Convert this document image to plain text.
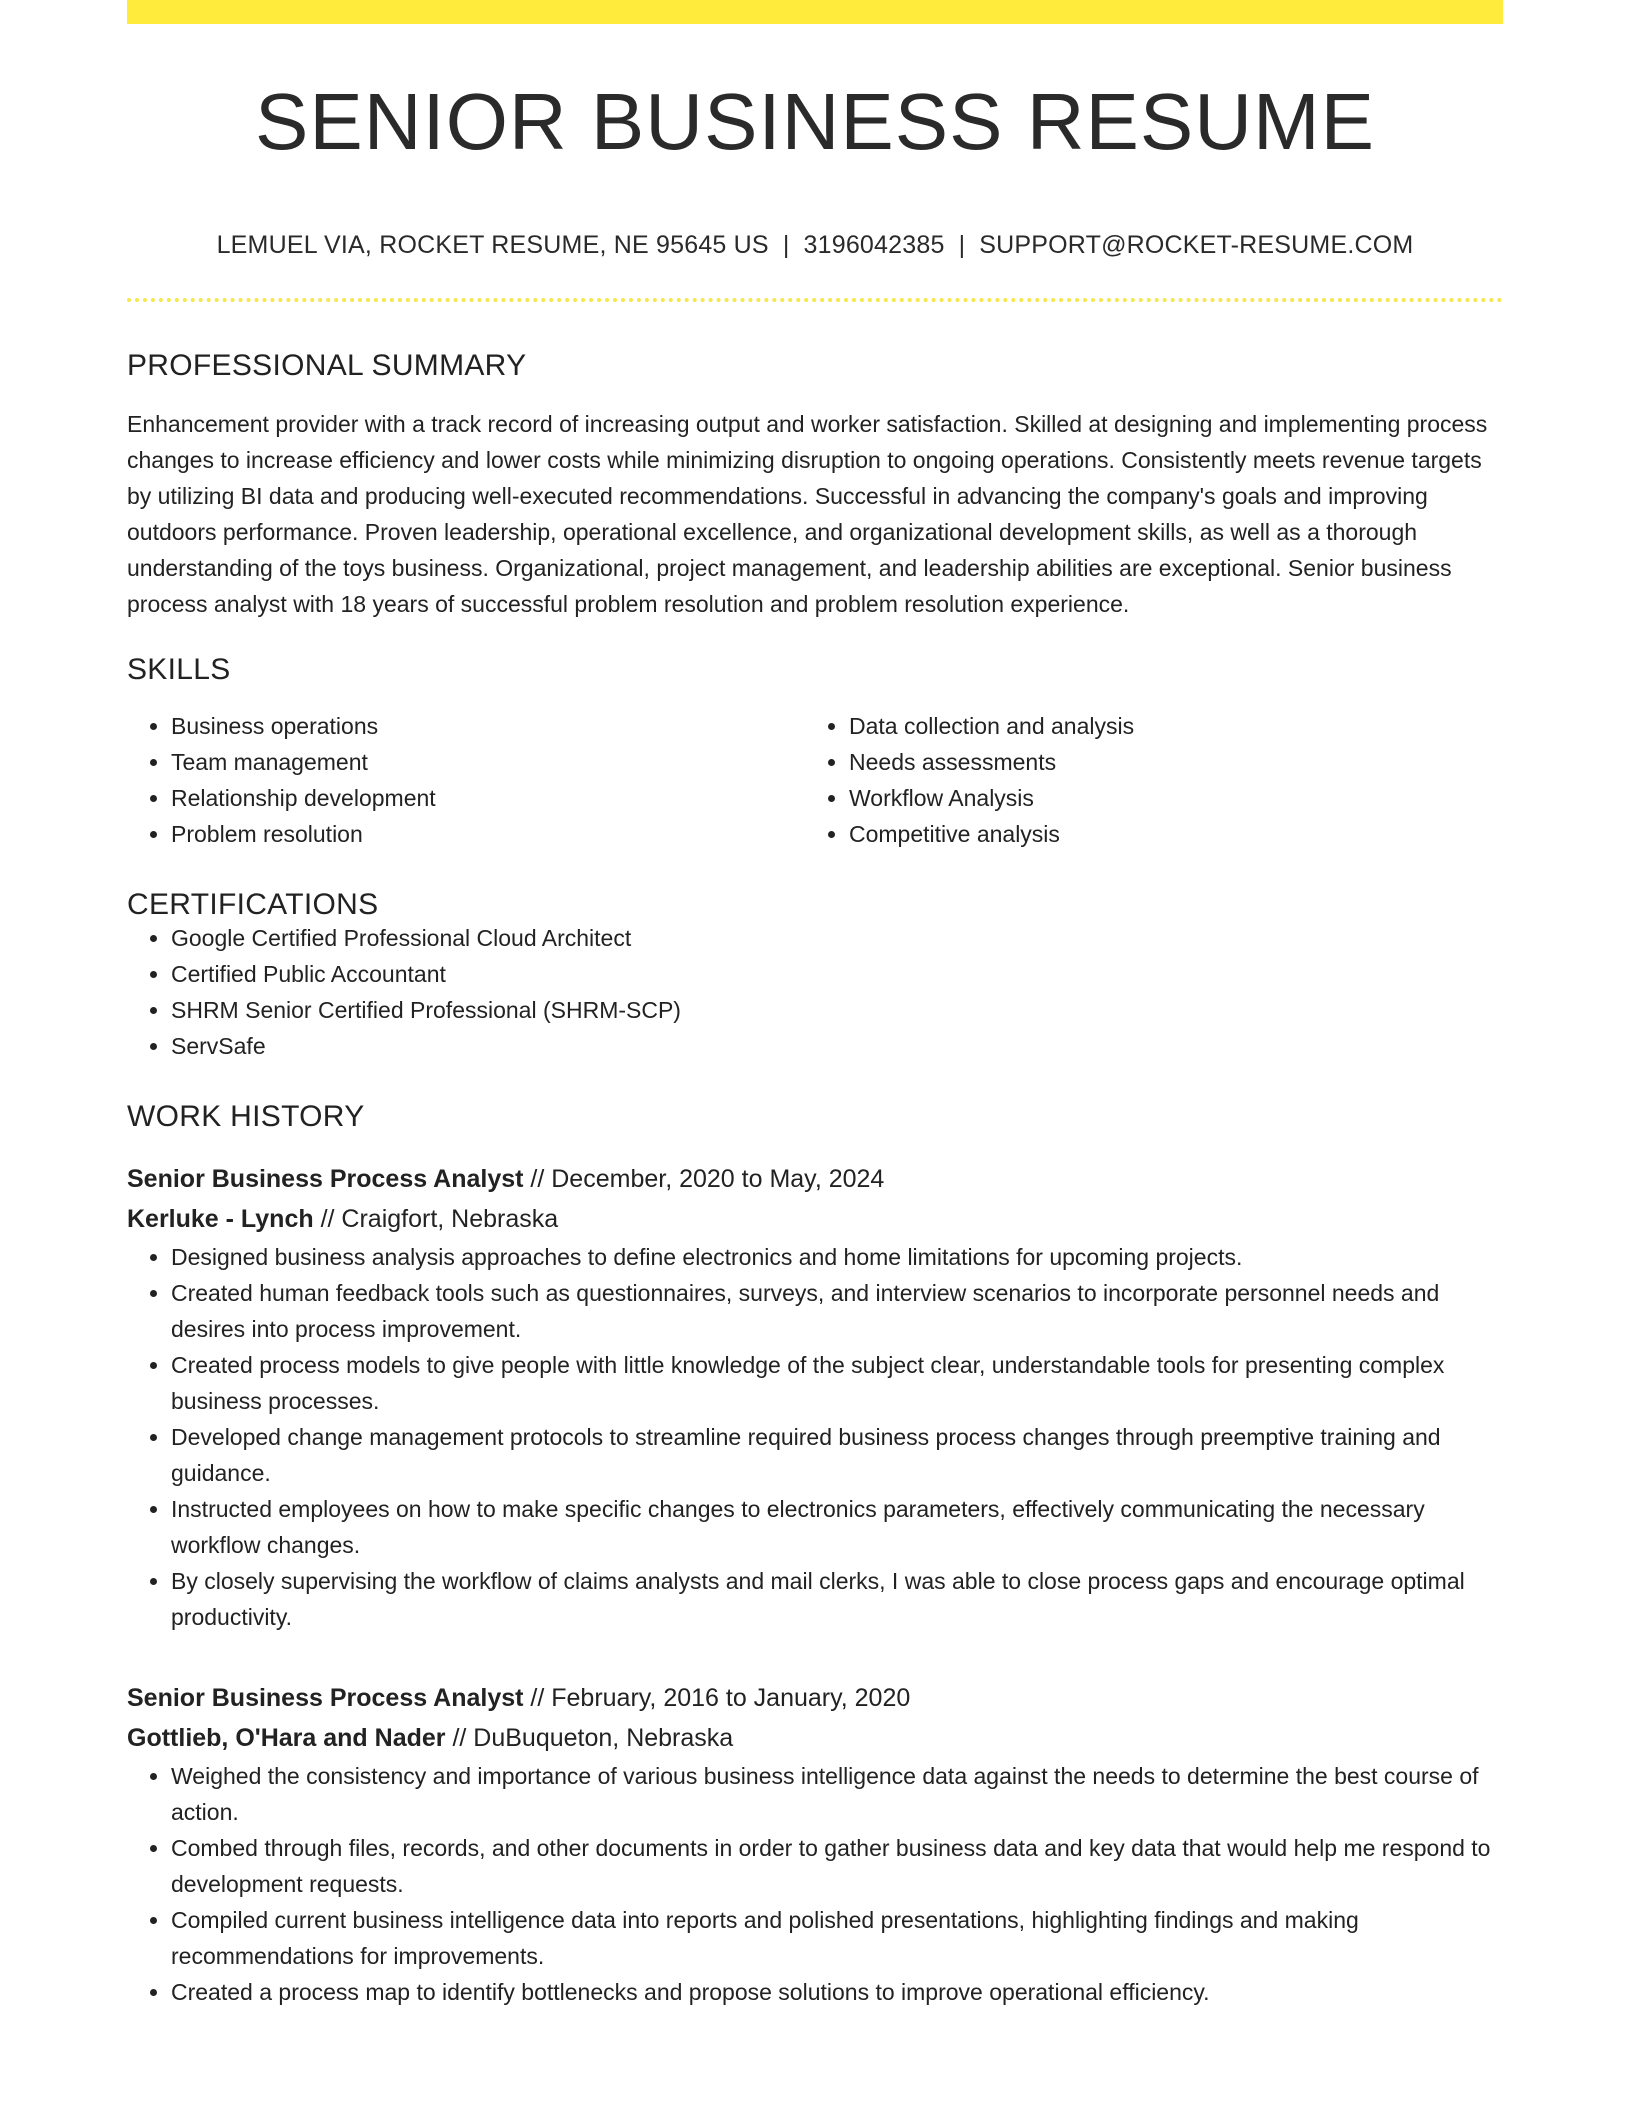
SENIOR BUSINESS RESUME
LEMUEL VIA, ROCKET RESUME, NE 95645 US | 3196042385 | SUPPORT@ROCKET-RESUME.COM
PROFESSIONAL SUMMARY
Enhancement provider with a track record of increasing output and worker satisfaction. Skilled at designing and implementing process changes to increase efficiency and lower costs while minimizing disruption to ongoing operations. Consistently meets revenue targets by utilizing BI data and producing well-executed recommendations. Successful in advancing the company's goals and improving outdoors performance. Proven leadership, operational excellence, and organizational development skills, as well as a thorough understanding of the toys business. Organizational, project management, and leadership abilities are exceptional. Senior business process analyst with 18 years of successful problem resolution and problem resolution experience.
SKILLS
• Business operations
• Team management
• Relationship development
• Problem resolution
• Data collection and analysis
• Needs assessments
• Workflow Analysis
• Competitive analysis
CERTIFICATIONS
• Google Certified Professional Cloud Architect
• Certified Public Accountant
• SHRM Senior Certified Professional (SHRM-SCP)
• ServSafe
WORK HISTORY
Senior Business Process Analyst // December, 2020 to May, 2024
Kerluke - Lynch // Craigfort, Nebraska
• Designed business analysis approaches to define electronics and home limitations for upcoming projects.
• Created human feedback tools such as questionnaires, surveys, and interview scenarios to incorporate personnel needs and desires into process improvement.
• Created process models to give people with little knowledge of the subject clear, understandable tools for presenting complex business processes.
• Developed change management protocols to streamline required business process changes through preemptive training and guidance.
• Instructed employees on how to make specific changes to electronics parameters, effectively communicating the necessary workflow changes.
• By closely supervising the workflow of claims analysts and mail clerks, I was able to close process gaps and encourage optimal productivity.
Senior Business Process Analyst // February, 2016 to January, 2020
Gottlieb, O'Hara and Nader // DuBuqueton, Nebraska
• Weighed the consistency and importance of various business intelligence data against the needs to determine the best course of action.
• Combed through files, records, and other documents in order to gather business data and key data that would help me respond to development requests.
• Compiled current business intelligence data into reports and polished presentations, highlighting findings and making recommendations for improvements.
• Created a process map to identify bottlenecks and propose solutions to improve operational efficiency.
